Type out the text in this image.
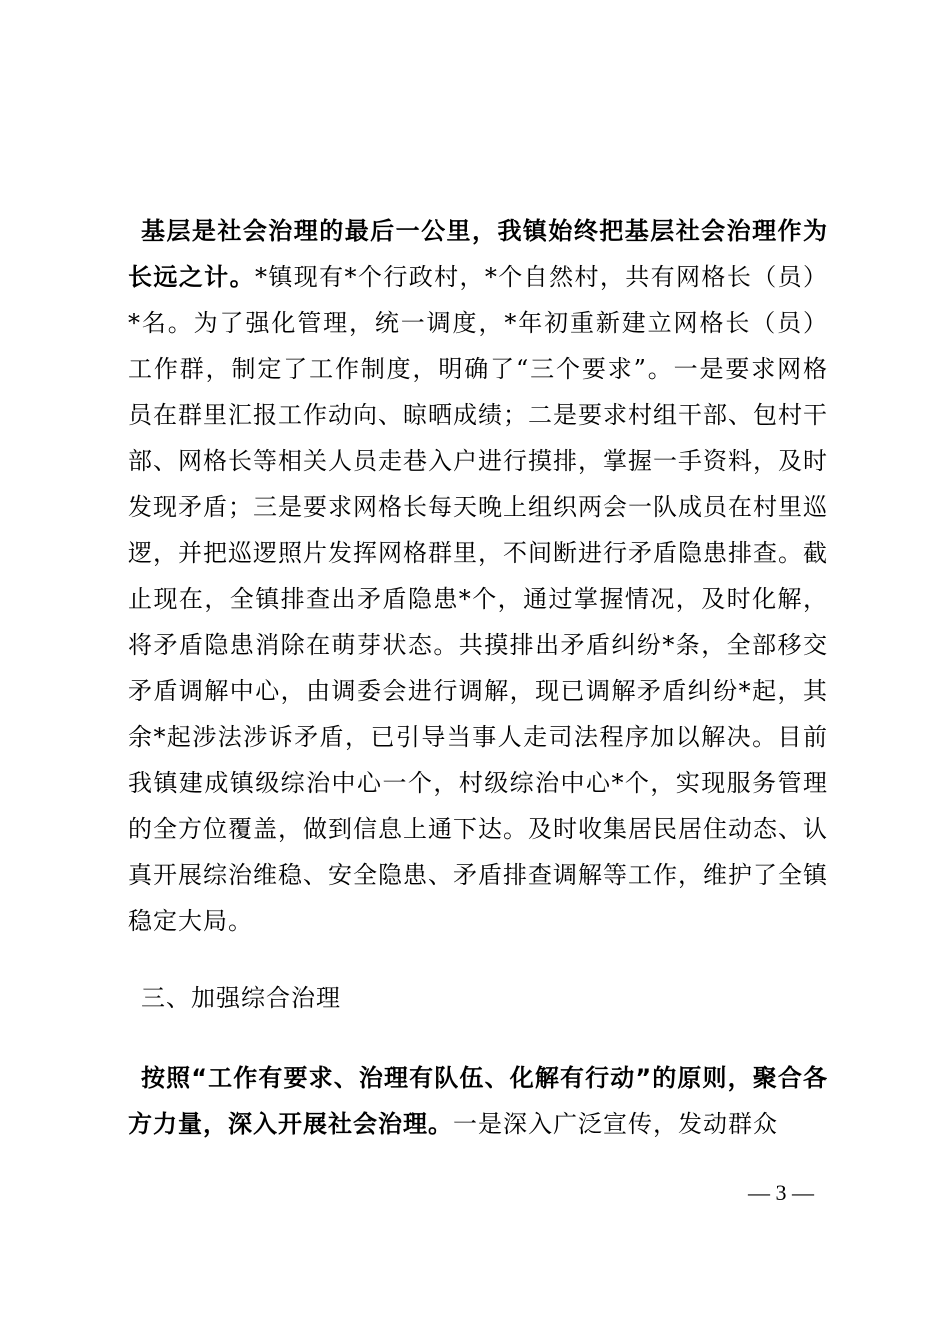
基层是社会治理的最后一公里，我镇始终把基层社会治理作为长远之计。*镇现有*个行政村，*个自然村，共有网格长（员）*名。为了强化管理，统一调度，*年初重新建立网格长（员）工作群，制定了工作制度，明确了“三个要求”。一是要求网格员在群里汇报工作动向、晾晒成绩；二是要求村组干部、包村干部、网格长等相关人员走巷入户进行摸排，掌握一手资料，及时发现矛盾；三是要求网格长每天晚上组织两会一队成员在村里巡逻，并把巡逻照片发挥网格群里，不间断进行矛盾隐患排查。截止现在，全镇排查出矛盾隐患*个，通过掌握情况，及时化解，将矛盾隐患消除在萌芽状态。共摸排出矛盾纠纷*条，全部移交矛盾调解中心，由调委会进行调解，现已调解矛盾纠纷*起，其余*起涉法涉诉矛盾，已引导当事人走司法程序加以解决。目前我镇建成镇级综治中心一个，村级综治中心*个，实现服务管理的全方位覆盖，做到信息上通下达。及时收集居民居住动态、认真开展综治维稳、安全隐患、矛盾排查调解等工作，维护了全镇稳定大局。

三、加强综合治理

按照“工作有要求、治理有队伍、化解有行动”的原则，聚合各方力量，深入开展社会治理。一是深入广泛宣传，发动群众

— 3 —
